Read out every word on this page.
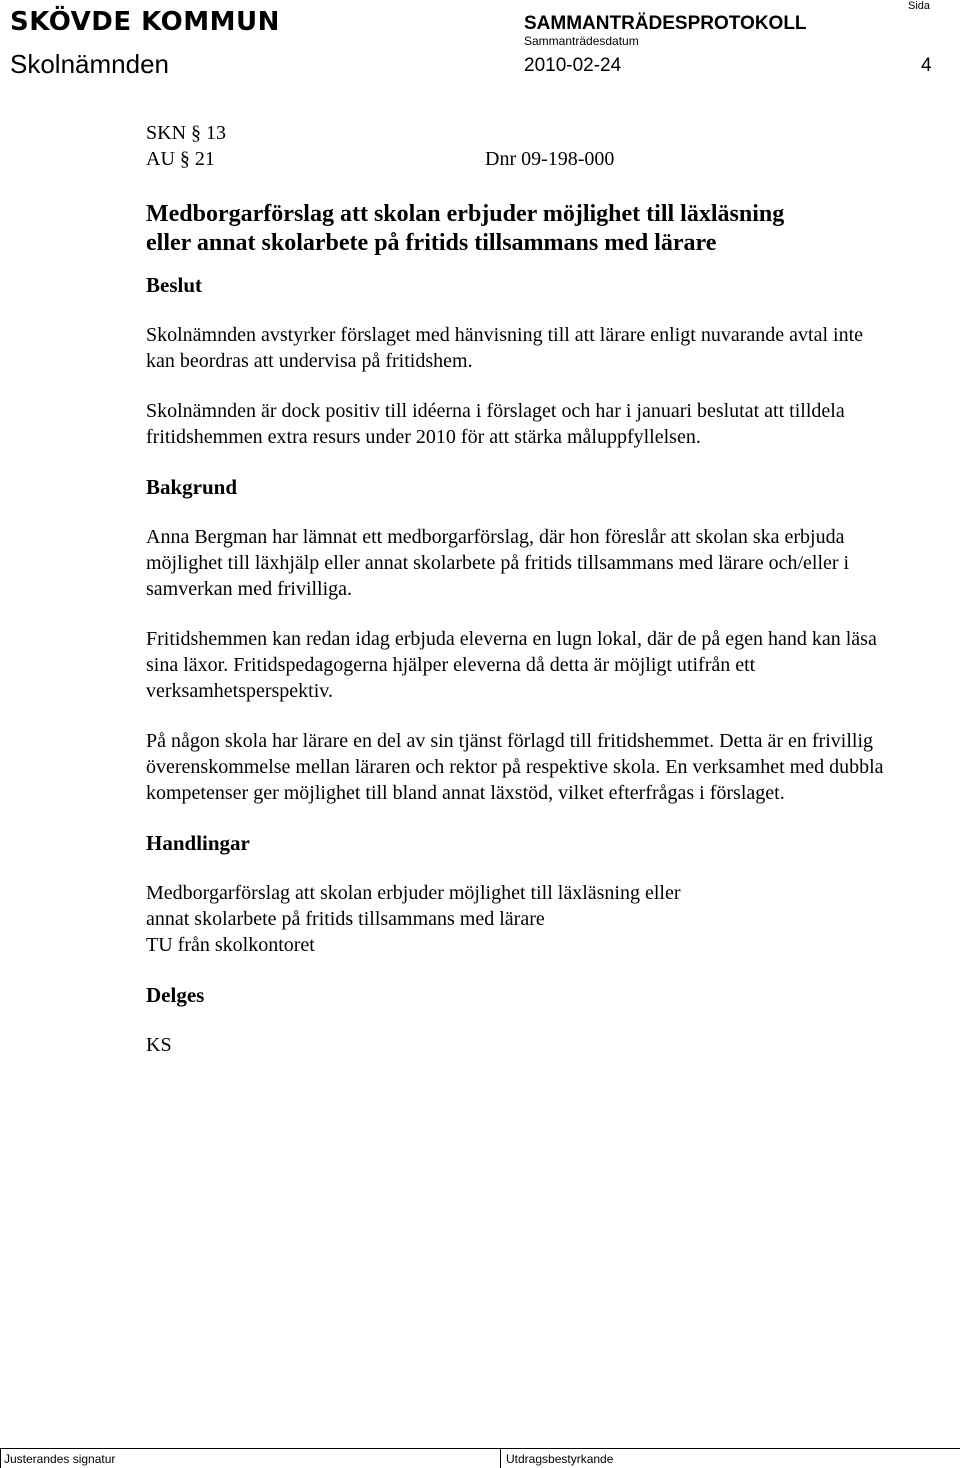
SKÖVDE KOMMUN	SAMMANTRÄDESPROTOKOLL
Sammanträdesdatum
Sida
Skolnämnden	2010-02-24	4
SKN § 13
AU § 21	Dnr 09-198-000
Medborgarförslag att skolan erbjuder möjlighet till läxläsning eller annat skolarbete på fritids tillsammans med lärare
Beslut
Skolnämnden avstyrker förslaget med hänvisning till att lärare enligt nuvarande avtal inte kan beordras att undervisa på fritidshem.
Skolnämnden är dock positiv till idéerna i förslaget och har i januari beslutat att tilldela fritidshemmen extra resurs under 2010 för att stärka måluppfyllelsen.
Bakgrund
Anna Bergman har lämnat ett medborgarförslag, där hon föreslår att skolan ska erbjuda möjlighet till läxhjälp eller annat skolarbete på fritids tillsammans med lärare och/eller i samverkan med frivilliga.
Fritidshemmen kan redan idag erbjuda eleverna en lugn lokal, där de på egen hand kan läsa sina läxor. Fritidspedagogerna hjälper eleverna då detta är möjligt utifrån ett verksamhetsperspektiv.
På någon skola har lärare en del av sin tjänst förlagd till fritidshemmet. Detta är en frivillig överenskommelse mellan läraren och rektor på respektive skola. En verksamhet med dubbla kompetenser ger möjlighet till bland annat läxstöd, vilket efterfrågas i förslaget.
Handlingar
Medborgarförslag att skolan erbjuder möjlighet till läxläsning eller
annat skolarbete på fritids tillsammans med lärare
TU från skolkontoret
Delges
KS
Justerandes signatur	Utdragsbestyrkande
